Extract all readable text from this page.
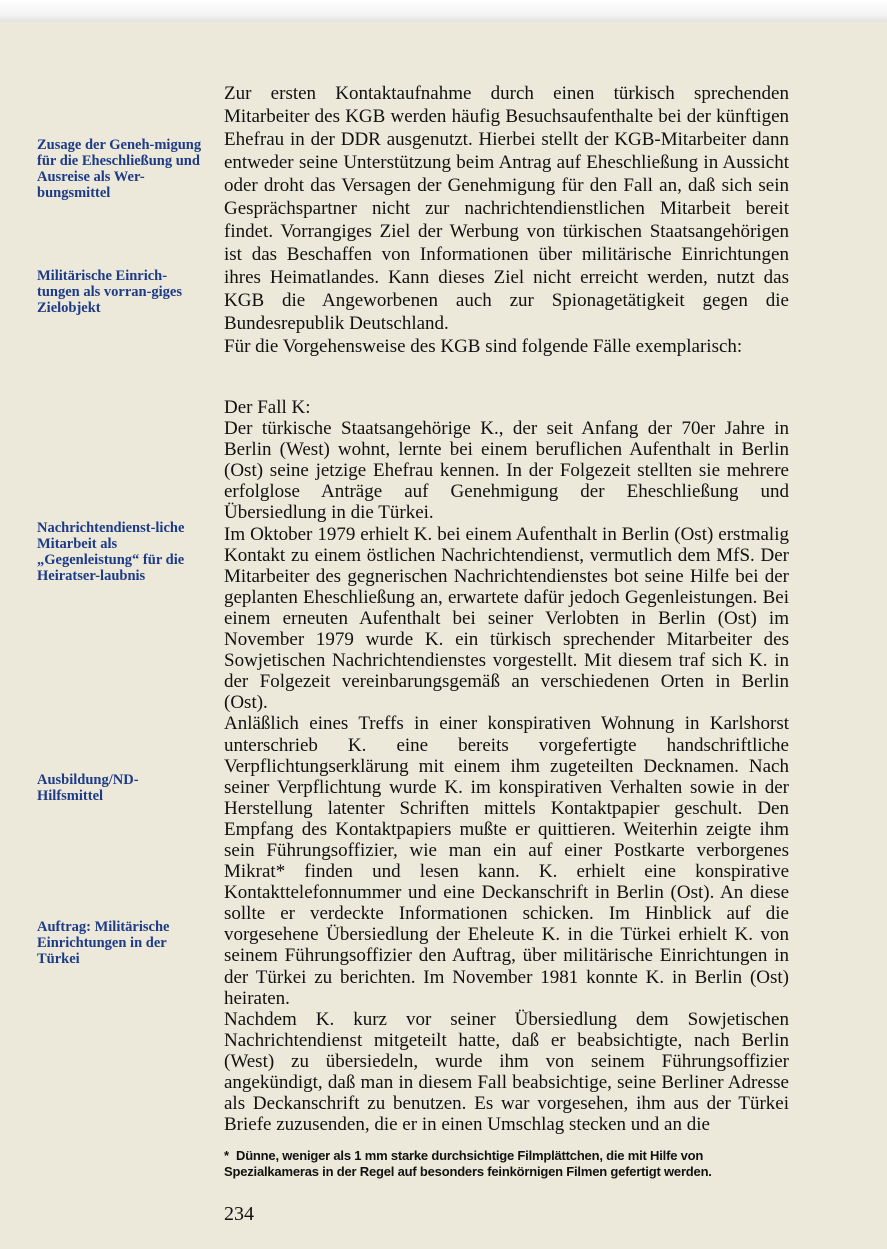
Zusage der Geneh-migung für die Eheschließung und Ausreise als Wer-bungsmittel
Militärische Einrich-tungen als vorran-giges Zielobjekt
Nachrichtendienst-liche Mitarbeit als „Gegenleistung“ für die Heiratser-laubnis
Ausbildung/ND-Hilfsmittel
Auftrag: Militärische Einrichtungen in der Türkei

Zur ersten Kontaktaufnahme durch einen türkisch sprechenden Mitarbeiter des KGB werden häufig Besuchsaufenthalte bei der künftigen Ehefrau in der DDR ausgenutzt. Hierbei stellt der KGB-Mitarbeiter dann entweder seine Unterstützung beim Antrag auf Eheschließung in Aussicht oder droht das Versagen der Genehmigung für den Fall an, daß sich sein Gesprächspartner nicht zur nachrichtendienstlichen Mitarbeit bereit findet. Vorrangiges Ziel der Werbung von türkischen Staatsangehörigen ist das Beschaffen von Informationen über militärische Einrichtungen ihres Heimatlandes. Kann dieses Ziel nicht erreicht werden, nutzt das KGB die Angeworbenen auch zur Spionagetätigkeit gegen die Bundesrepublik Deutschland.

Für die Vorgehensweise des KGB sind folgende Fälle exemplarisch:

Der Fall K:

Der türkische Staatsangehörige K., der seit Anfang der 70er Jahre in Berlin (West) wohnt, lernte bei einem beruflichen Aufenthalt in Berlin (Ost) seine jetzige Ehefrau kennen. In der Folgezeit stellten sie mehrere erfolglose Anträge auf Genehmigung der Eheschließung und Übersiedlung in die Türkei.

Im Oktober 1979 erhielt K. bei einem Aufenthalt in Berlin (Ost) erstmalig Kontakt zu einem östlichen Nachrichtendienst, vermutlich dem MfS. Der Mitarbeiter des gegnerischen Nachrichtendienstes bot seine Hilfe bei der geplanten Eheschließung an, erwartete dafür jedoch Gegenleistungen. Bei einem erneuten Aufenthalt bei seiner Verlobten in Berlin (Ost) im November 1979 wurde K. ein türkisch sprechender Mitarbeiter des Sowjetischen Nachrichtendienstes vorgestellt. Mit diesem traf sich K. in der Folgezeit vereinbarungsgemäß an verschiedenen Orten in Berlin (Ost).

Anläßlich eines Treffs in einer konspirativen Wohnung in Karlshorst unterschrieb K. eine bereits vorgefertigte handschriftliche Verpflichtungserklärung mit einem ihm zugeteilten Decknamen. Nach seiner Verpflichtung wurde K. im konspirativen Verhalten sowie in der Herstellung latenter Schriften mittels Kontaktpapier geschult. Den Empfang des Kontaktpapiers mußte er quittieren. Weiterhin zeigte ihm sein Führungsoffizier, wie man ein auf einer Postkarte verborgenes Mikrat* finden und lesen kann. K. erhielt eine konspirative Kontakttelefonnummer und eine Deckanschrift in Berlin (Ost). An diese sollte er verdeckte Informationen schicken. Im Hinblick auf die vorgesehene Übersiedlung der Eheleute K. in die Türkei erhielt K. von seinem Führungsoffizier den Auftrag, über militärische Einrichtungen in der Türkei zu berichten. Im November 1981 konnte K. in Berlin (Ost) heiraten.

Nachdem K. kurz vor seiner Übersiedlung dem Sowjetischen Nachrichtendienst mitgeteilt hatte, daß er beabsichtigte, nach Berlin (West) zu übersiedeln, wurde ihm von seinem Führungsoffizier angekündigt, daß man in diesem Fall beabsichtige, seine Berliner Adresse als Deckanschrift zu benutzen. Es war vorgesehen, ihm aus der Türkei Briefe zuzusenden, die er in einen Umschlag stecken und an die

* Dünne, weniger als 1 mm starke durchsichtige Filmplättchen, die mit Hilfe von Spezialkameras in der Regel auf besonders feinkörnigen Filmen gefertigt werden.
234
